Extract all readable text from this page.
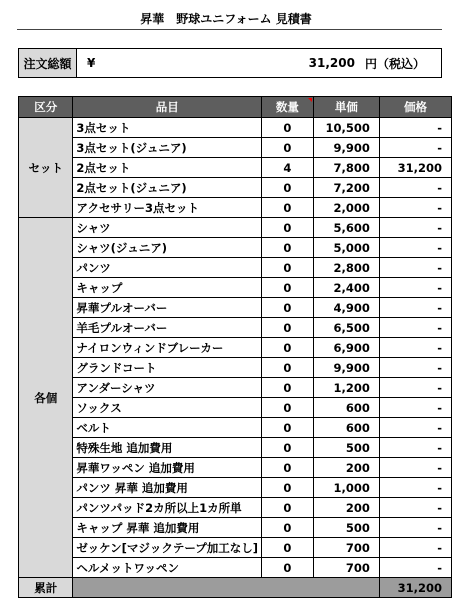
昇華　野球ユニフォーム 見積書
注文総額	¥	31,200 円（税込）
区分	品目	数量	単価	価格
セット	3点セット	0	10,500	-
	3点セット(ジュニア)	0	9,900	-
	2点セット	4	7,800	31,200
	2点セット(ジュニア)	0	7,200	-
	アクセサリー3点セット	0	2,000	-
各個	シャツ	0	5,600	-
	シャツ(ジュニア)	0	5,000	-
	パンツ	0	2,800	-
	キャップ	0	2,400	-
	昇華プルオーバー	0	4,900	-
	羊毛プルオーバー	0	6,500	-
	ナイロンウィンドブレーカー	0	6,900	-
	グランドコート	0	9,900	-
	アンダーシャツ	0	1,200	-
	ソックス	0	600	-
	ベルト	0	600	-
	特殊生地 追加費用	0	500	-
	昇華ワッペン 追加費用	0	200	-
	パンツ 昇華 追加費用	0	1,000	-
	パンツパッド2カ所以上1カ所単	0	200	-
	キャップ 昇華 追加費用	0	500	-
	ゼッケン[マジックテープ加工なし]	0	700	-
	ヘルメットワッペン	0	700	-
累計				31,200
